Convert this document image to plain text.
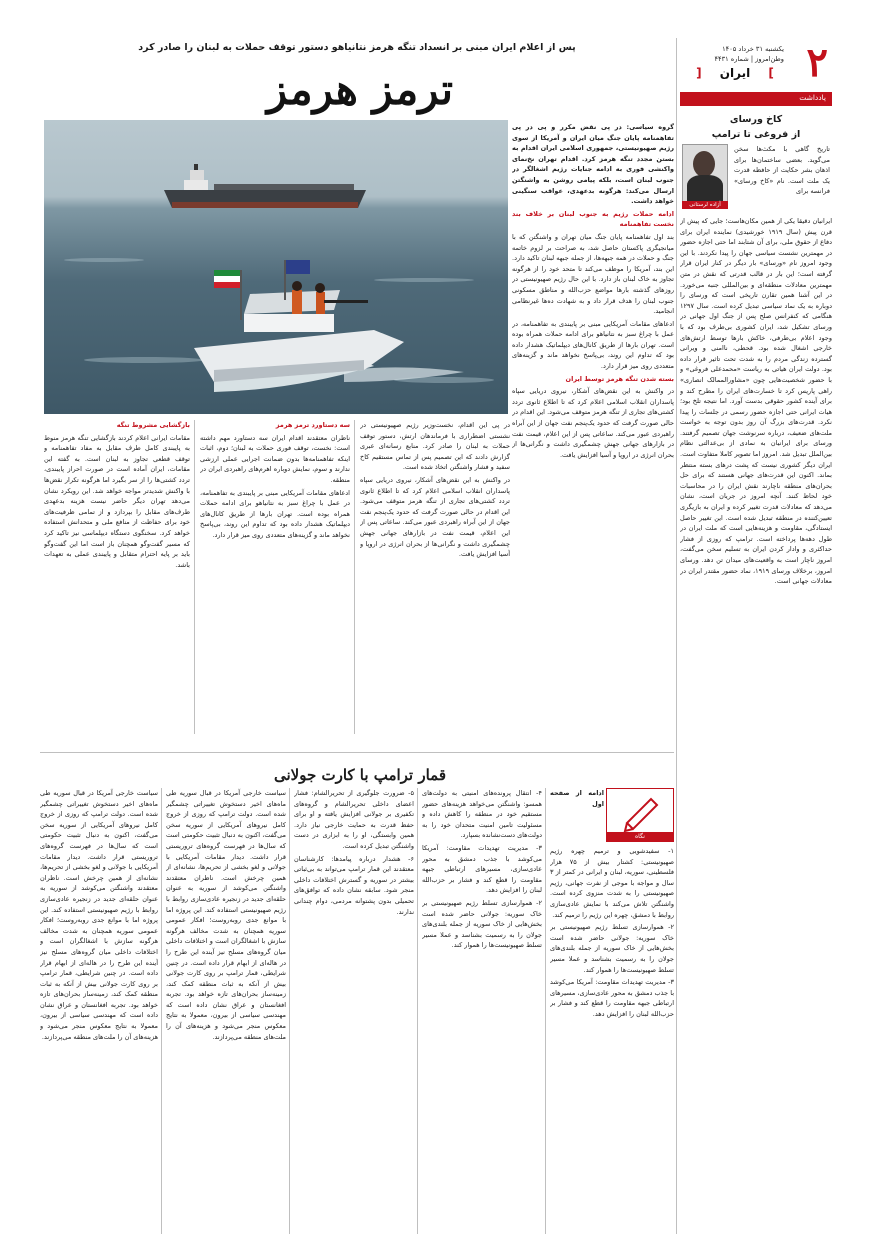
۲
یکشنبه ۳۱ خرداد ۱۴۰۵
وطن‌امروز | شماره ۴۴۳۱
] ایران [
یادداشت
کاخ ورسای
از فروغی تا ترامپ
آزاده لرستانی
تاریخ گاهی با مکث‌ها سخن می‌گوید. بعضی ساختمان‌ها برای اذهان بشر حکایت از حافظه قدرت یک ملت است. نام «کاخ ورسای» فرانسه برای
ایرانیان دقیقا یکی از همین مکان‌هاست؛ جایی که پیش از قرن پیش (سال ۱۹۱۹ خورشیدی) نماینده ایران برای دفاع از حقوق ملی، برای آن شتابند اما حتی اجازه حضور در مهمترین نشست سیاسی جهان را پیدا نکردند. با این وجود امروز نام «ورسای» بار دیگر در کنار ایران قرار گرفته است؛ این بار در قالب قدرتی که نقش در متن مهمترین معادلات منطقه‌ای و بین‌المللی جنبه می‌خورد. در این آشنا همین تقارن تاریخی است که ورسای را دوباره به یک نماد سیاسی تبدیل کرده است. سال ۱۲۹۷ هنگامی که کنفرانس صلح پس از جنگ اول جهانی در ورسای تشکیل شد، ایران کشوری بی‌طرف بود که با وجود اعلام بی‌طرفی، خاکش بارها توسط ارتش‌های خارجی اشغال شده بود. قحطی، ناامنی و ویرانی گسترده زندگی مردم را به شدت تحت تاثیر قرار داده بود. دولت ایران هیاتی به ریاست «محمدعلی فروغی» و با حضور شخصیت‌هایی چون «مشاورالممالک انصاری» راهی پاریس کرد تا خسارت‌های ایران را مطرح کند و برای آینده کشور حقوقی بدست آورد. اما نتیجه تلخ بود؛ هیات ایرانی حتی اجازه حضور رسمی در جلسات را پیدا نکرد. قدرت‌های بزرگ آن روز بدون توجه به خواست ملت‌های ضعیف، درباره سرنوشت جهان تصمیم گرفتند. ورسای برای ایرانیان به نمادی از بی‌عدالتی نظام بین‌الملل تبدیل شد. امروز اما تصویر کاملا متفاوت است. ایران دیگر کشوری نیست که پشت درهای بسته منتظر بماند. اکنون این قدرت‌های جهانی هستند که برای حل بحران‌های منطقه ناچارند نقش ایران را در محاسبات خود لحاظ کنند. آنچه امروز در جریان است، نشان می‌دهد که معادلات قدرت تغییر کرده و ایران به بازیگری تعیین‌کننده در منطقه تبدیل شده است. این تغییر حاصل ایستادگی، مقاومت و هزینه‌هایی است که ملت ایران در طول دهه‌ها پرداخته است. ترامپ که روزی از فشار حداکثری و وادار کردن ایران به تسلیم سخن می‌گفت، امروز ناچار است به واقعیت‌های میدان تن دهد. ورسای امروز، برخلاف ورسای ۱۹۱۹، نماد حضور مقتدر ایران در معادلات جهانی است.
پس از اعلام ایران مبنی بر انسداد تنگه هرمز نتانیاهو دستور توقف حملات به لبنان را صادر کرد
ترمز هرمز

گروه سیاسی: در پی نقض مکرر و پی در پی تفاهمنامه پایان جنگ میان ایران و آمریکا از سوی رژیم صهیونیستی، جمهوری اسلامی ایران اقدام به بستن مجدد تنگه هرمز کرد. اقدام تهران نخ‌نمای واکنشی فوری به ادامه جنایات رژیم اشغالگر در جنوب لبنان است، بلکه پیامی روشن به واشنگتن ارسال می‌کند: هرگونه بدعهدی، عواقب سنگینی خواهد داشت.

ادامه حملات رژیم به جنوب لبنان بر خلاف بند نخست تفاهمنامه

بند اول تفاهمنامه پایان جنگ میان تهران و واشنگتن که با میانجیگری پاکستان حاصل شد، به صراحت بر لزوم خاتمه جنگ و حملات در همه جبهه‌ها، از جمله جبهه لبنان تاکید دارد. این بند، آمریکا را موظف می‌کند تا متحد خود را از هرگونه تجاوز به خاک لبنان باز دارد. با این حال رژیم صهیونیستی در روزهای گذشته بارها مواضع حزب‌الله و مناطق مسکونی جنوب لبنان را هدف قرار داد و به شهادت ده‌ها غیرنظامی انجامید.

ادعاهای مقامات آمریکایی مبنی بر پایبندی به تفاهمنامه، در عمل با چراغ سبز به نتانیاهو برای ادامه حملات همراه بوده است. تهران بارها از طریق کانال‌های دیپلماتیک هشدار داده بود که تداوم این روند، بی‌پاسخ نخواهد ماند و گزینه‌های متعددی روی میز قرار دارد.

بسته شدن تنگه هرمز توسط ایران

در واکنش به این نقض‌های آشکار، نیروی دریایی سپاه پاسداران انقلاب اسلامی اعلام کرد که تا اطلاع ثانوی تردد کشتی‌های تجاری از تنگه هرمز متوقف می‌شود. این اقدام در حالی صورت گرفت که حدود یک‌پنجم نفت جهان از این آبراه راهبردی عبور می‌کند. ساعاتی پس از این اعلام، قیمت نفت در بازارهای جهانی جهش چشمگیری داشت و نگرانی‌ها از بحران انرژی در اروپا و آسیا افزایش یافت.

در پی این اقدام، نخست‌وزیر رژیم صهیونیستی در نشستی اضطراری با فرماندهان ارتش، دستور توقف حملات به لبنان را صادر کرد. منابع رسانه‌ای عبری گزارش دادند که این تصمیم پس از تماس مستقیم کاخ سفید و فشار واشنگتن اتخاذ شده است.

در واکنش به این نقض‌های آشکار، نیروی دریایی سپاه پاسداران انقلاب اسلامی اعلام کرد که تا اطلاع ثانوی تردد کشتی‌های تجاری از تنگه هرمز متوقف می‌شود. این اقدام در حالی صورت گرفت که حدود یک‌پنجم نفت جهان از این آبراه راهبردی عبور می‌کند. ساعاتی پس از این اعلام، قیمت نفت در بازارهای جهانی جهش چشمگیری داشت و نگرانی‌ها از بحران انرژی در اروپا و آسیا افزایش یافت.

سه دستاورد ترمز هرمز

ناظران معتقدند اقدام ایران سه دستاورد مهم داشته است: نخست، توقف فوری حملات به لبنان؛ دوم، اثبات اینکه تفاهمنامه‌ها بدون ضمانت اجرایی عملی ارزشی ندارند و سوم، نمایش دوباره اهرم‌های راهبردی ایران در منطقه.

ادعاهای مقامات آمریکایی مبنی بر پایبندی به تفاهمنامه، در عمل با چراغ سبز به نتانیاهو برای ادامه حملات همراه بوده است. تهران بارها از طریق کانال‌های دیپلماتیک هشدار داده بود که تداوم این روند، بی‌پاسخ نخواهد ماند و گزینه‌های متعددی روی میز قرار دارد.

بازگشایی مشروط تنگه

مقامات ایرانی اعلام کردند بازگشایی تنگه هرمز منوط به پایبندی کامل طرف مقابل به مفاد تفاهمنامه و توقف قطعی تجاوز به لبنان است. به گفته این مقامات، ایران آماده است در صورت احراز پایبندی، تردد کشتی‌ها را از سر بگیرد اما هرگونه تکرار نقض‌ها با واکنش شدیدتر مواجه خواهد شد. این رویکرد نشان می‌دهد تهران دیگر حاضر نیست هزینه بدعهدی طرف‌های مقابل را بپردازد و از تمامی ظرفیت‌های خود برای حفاظت از منافع ملی و متحدانش استفاده خواهد کرد. سخنگوی دستگاه دیپلماسی نیز تاکید کرد که مسیر گفت‌وگو همچنان باز است اما این گفت‌وگو باید بر پایه احترام متقابل و پایبندی عملی به تعهدات باشد.

قمار ترامپ با کارت جولانی
نگاه

ادامه از صفحه اول

۱- سفیدشویی و ترمیم چهره رژیم صهیونیستی: کشتار بیش از ۷۵ هزار فلسطینی، سوریه، لبنان و ایرانی در کمتر از ۳ سال و مواجه با موجی از نفرت جهانی، رژیم صهیونیستی را به شدت منزوی کرده است. واشنگتن تلاش می‌کند با نمایش عادی‌سازی روابط با دمشق، چهره این رژیم را ترمیم کند.

۲- هموارسازی تسلط رژیم صهیونیستی بر خاک سوریه: جولانی حاضر شده است بخش‌هایی از خاک سوریه از جمله بلندی‌های جولان را به رسمیت بشناسد و عملا مسیر تسلط صهیونیست‌ها را هموار کند.

۳- مدیریت تهدیدات مقاومت: آمریکا می‌کوشد با جذب دمشق به محور عادی‌سازی، مسیرهای ارتباطی جبهه مقاومت را قطع کند و فشار بر حزب‌الله لبنان را افزایش دهد.

۴- انتقال پرونده‌های امنیتی به دولت‌های همسو: واشنگتن می‌خواهد هزینه‌های حضور مستقیم خود در منطقه را کاهش داده و مسئولیت تامین امنیت متحدان خود را به دولت‌های دست‌نشانده بسپارد.

۳- مدیریت تهدیدات مقاومت: آمریکا می‌کوشد با جذب دمشق به محور عادی‌سازی، مسیرهای ارتباطی جبهه مقاومت را قطع کند و فشار بر حزب‌الله لبنان را افزایش دهد.

۲- هموارسازی تسلط رژیم صهیونیستی بر خاک سوریه: جولانی حاضر شده است بخش‌هایی از خاک سوریه از جمله بلندی‌های جولان را به رسمیت بشناسد و عملا مسیر تسلط صهیونیست‌ها را هموار کند.

۵- ضرورت جلوگیری از تحریرالشام: فشار اعضای داخلی تحریرالشام و گروه‌های تکفیری بر جولانی افزایش یافته و او برای حفظ قدرت به حمایت خارجی نیاز دارد. همین وابستگی، او را به ابزاری در دست واشنگتن تبدیل کرده است.

۶- هشدار درباره پیامدها: کارشناسان معتقدند این قمار ترامپ می‌تواند به بی‌ثباتی بیشتر در سوریه و گسترش اختلافات داخلی منجر شود. سابقه نشان داده که توافق‌های تحمیلی بدون پشتوانه مردمی، دوام چندانی ندارند.

سیاست خارجی آمریکا در قبال سوریه طی ماه‌های اخیر دستخوش تغییراتی چشمگیر شده است. دولت ترامپ که روزی از خروج کامل نیروهای آمریکایی از سوریه سخن می‌گفت، اکنون به دنبال تثبیت حکومتی است که سال‌ها در فهرست گروه‌های تروریستی قرار داشت. دیدار مقامات آمریکایی با جولانی و لغو بخشی از تحریم‌ها، نشانه‌ای از همین چرخش است. ناظران معتقدند واشنگتن می‌کوشد از سوریه به عنوان حلقه‌ای جدید در زنجیره عادی‌سازی روابط با رژیم صهیونیستی استفاده کند. این پروژه اما با موانع جدی روبه‌روست؛ افکار عمومی سوریه همچنان به شدت مخالف هرگونه سازش با اشغالگران است و اختلافات داخلی میان گروه‌های مسلح نیز آینده این طرح را در هاله‌ای از ابهام قرار داده است. در چنین شرایطی، قمار ترامپ بر روی کارت جولانی بیش از آنکه به ثبات منطقه کمک کند، زمینه‌ساز بحران‌های تازه خواهد بود. تجربه افغانستان و عراق نشان داده است که مهندسی سیاسی از بیرون، معمولا به نتایج معکوس منجر می‌شود و هزینه‌های آن را ملت‌های منطقه می‌پردازند.

سیاست خارجی آمریکا در قبال سوریه طی ماه‌های اخیر دستخوش تغییراتی چشمگیر شده است. دولت ترامپ که روزی از خروج کامل نیروهای آمریکایی از سوریه سخن می‌گفت، اکنون به دنبال تثبیت حکومتی است که سال‌ها در فهرست گروه‌های تروریستی قرار داشت. دیدار مقامات آمریکایی با جولانی و لغو بخشی از تحریم‌ها، نشانه‌ای از همین چرخش است. ناظران معتقدند واشنگتن می‌کوشد از سوریه به عنوان حلقه‌ای جدید در زنجیره عادی‌سازی روابط با رژیم صهیونیستی استفاده کند. این پروژه اما با موانع جدی روبه‌روست؛ افکار عمومی سوریه همچنان به شدت مخالف هرگونه سازش با اشغالگران است و اختلافات داخلی میان گروه‌های مسلح نیز آینده این طرح را در هاله‌ای از ابهام قرار داده است. در چنین شرایطی، قمار ترامپ بر روی کارت جولانی بیش از آنکه به ثبات منطقه کمک کند، زمینه‌ساز بحران‌های تازه خواهد بود. تجربه افغانستان و عراق نشان داده است که مهندسی سیاسی از بیرون، معمولا به نتایج معکوس منجر می‌شود و هزینه‌های آن را ملت‌های منطقه می‌پردازند.
